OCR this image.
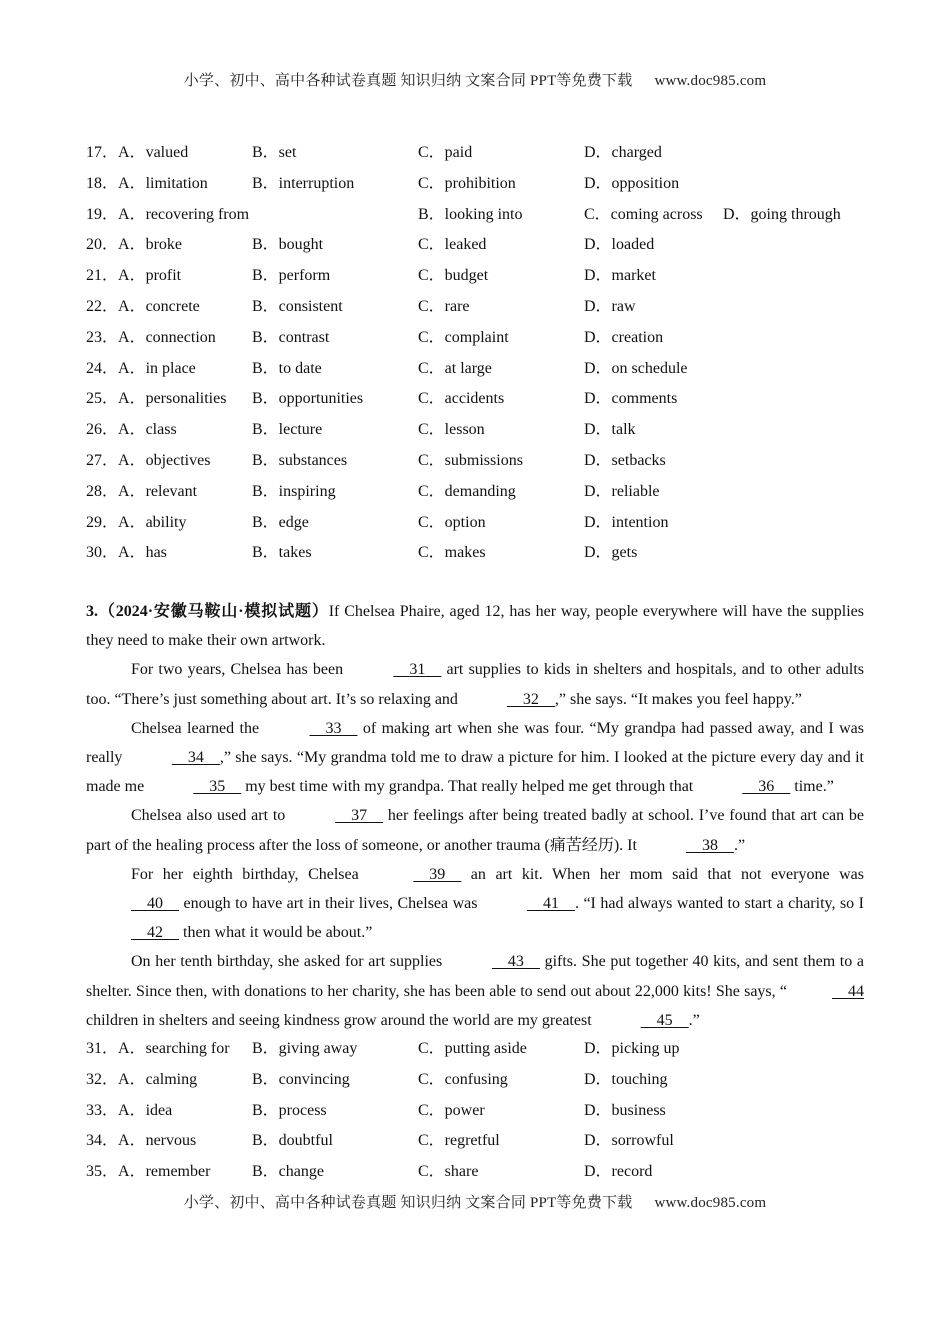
小学、初中、高中各种试卷真题 知识归纳 文案合同 PPT等免费下载 www.doc985.com
17．A．valued	B．set	C．paid	D．charged
18．A．limitation	B．interruption	C．prohibition	D．opposition
19．A．recovering from	B．looking into	C．coming across D．going through
20．A．broke	B．bought	C．leaked	D．loaded
21．A．profit	B．perform	C．budget	D．market
22．A．concrete	B．consistent	C．rare	D．raw
23．A．connection B．contrast	C．complaint	D．creation
24．A．in place	B．to date	C．at large	D．on schedule
25．A．personalities B．opportunities	C．accidents	D．comments
26．A．class	B．lecture	C．lesson	D．talk
27．A．objectives	B．substances	C．submissions	D．setbacks
28．A．relevant	B．inspiring	C．demanding	D．reliable
29．A．ability	B．edge	C．option	D．intention
30．A．has	B．takes	C．makes	D．gets

3.（2024·安徽马鞍山·模拟试题）If Chelsea Phaire, aged 12, has her way, people everywhere will have the supplies they need to make their own artwork.

For two years, Chelsea has been	31     art supplies to kids in shelters and hospitals, and to other adults too. “There’s just something about art. It’s so relaxing and	32 ,” she says. “It makes you feel happy.”

Chelsea learned the	33     of making art when she was four. “My grandpa had passed away, and I was really	34 ,” she says. “My grandma told me to draw a picture for him. I looked at the picture every day and it made me	35     my best time with my grandpa. That really helped me get through that	36     time.”

Chelsea also used art to	37     her feelings after being treated badly at school. I’ve found that art can be part of the healing process after the loss of someone, or another trauma (痛苦经历). It	38 .”

For her eighth birthday, Chelsea	39     an art kit. When her mom said that not everyone was     40     enough to have art in their lives, Chelsea was	41 . “I had always wanted to start a charity, so I     42     then what it would be about.”

On her tenth birthday, she asked for art supplies	43     gifts. She put together 40 kits, and sent them to a shelter. Since then, with donations to her charity, she has been able to send out about 22,000 kits! She says, “	44 children in shelters and seeing kindness grow around the world are my greatest	45 .”

31．A．searching for B．giving away	C．putting aside	D．picking up
32．A．calming	B．convincing	C．confusing	D．touching
33．A．idea	B．process	C．power	D．business
34．A．nervous	B．doubtful	C．regretful	D．sorrowful
35．A．remember	B．change	C．share	D．record
小学、初中、高中各种试卷真题 知识归纳 文案合同 PPT等免费下载 www.doc985.com
